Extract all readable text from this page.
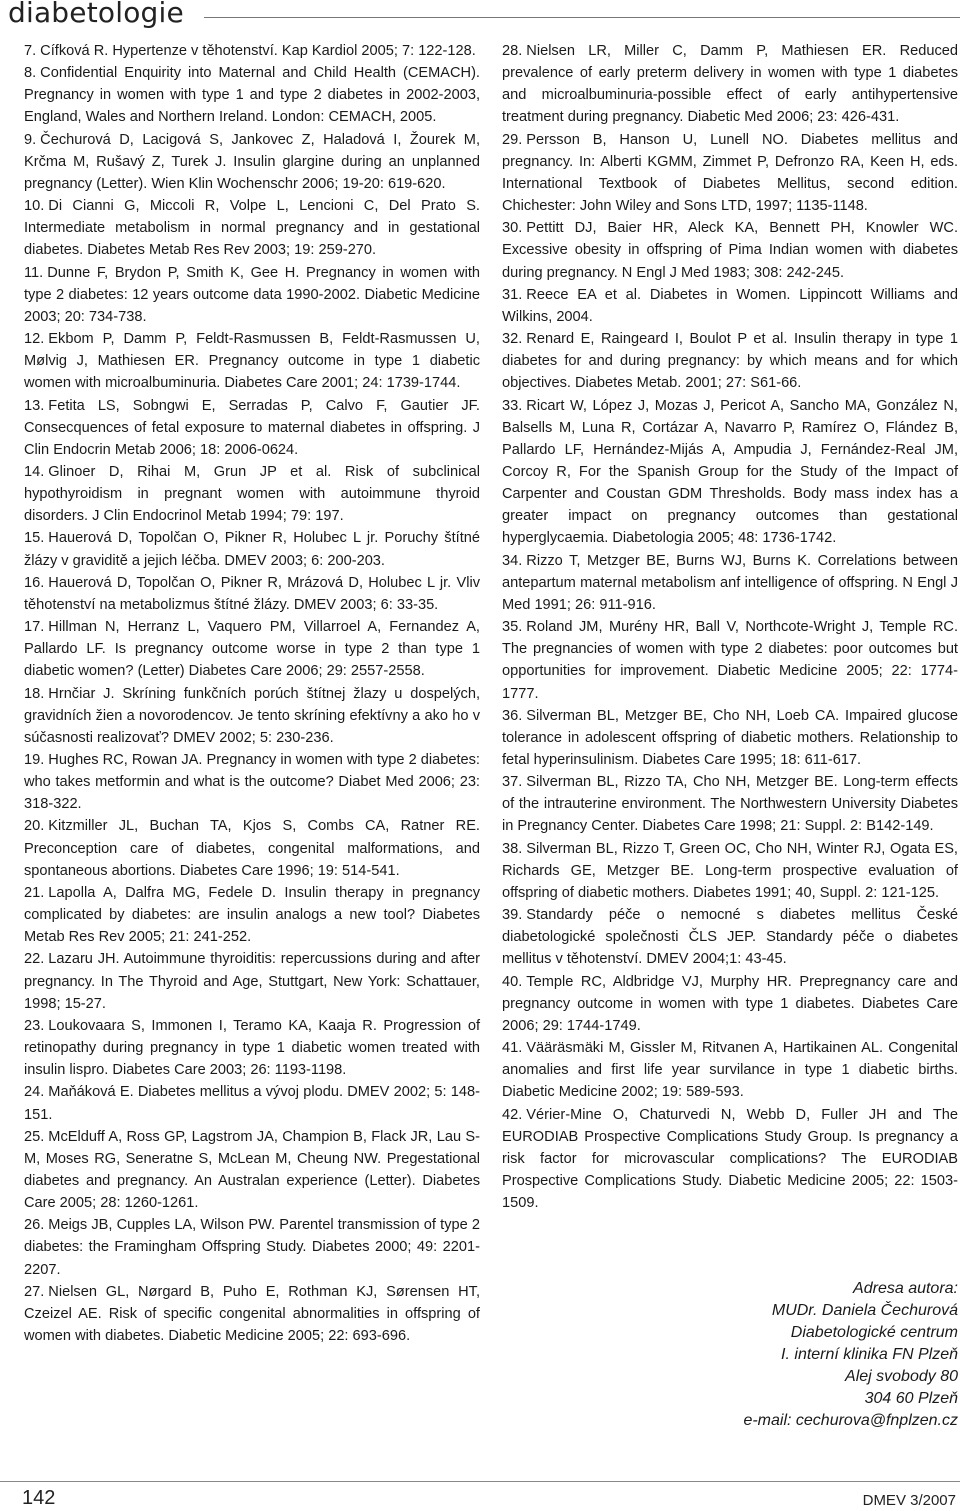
diabetologie

7. Cífková R. Hypertenze v těhotenství. Kap Kardiol 2005; 7: 122-128.

8. Confidential Enquirity into Maternal and Child Health (CEMACH). Pregnancy in women with type 1 and type 2 diabetes in 2002-2003, England, Wales and Northern Ireland. London: CEMACH, 2005.

9. Čechurová D, Lacigová S, Jankovec Z, Haladová I, Žourek M, Krčma M, Rušavý Z, Turek J. Insulin glargine during an unplanned pregnancy (Letter). Wien Klin Wochenschr 2006; 19-20: 619-620.

10. Di Cianni G, Miccoli R, Volpe L, Lencioni C, Del Prato S. Intermediate metabolism in normal pregnancy and in gestational diabetes. Diabetes Metab Res Rev 2003; 19: 259-270.

11. Dunne F, Brydon P, Smith K, Gee H. Pregnancy in women with type 2 diabetes: 12 years outcome data 1990-2002. Diabetic Medicine 2003; 20: 734-738.

12. Ekbom P, Damm P, Feldt-Rasmussen B, Feldt-Rasmussen U, Mølvig J, Mathiesen ER. Pregnancy outcome in type 1 diabetic women with microalbuminuria. Diabetes Care 2001; 24: 1739-1744.

13. Fetita LS, Sobngwi E, Serradas P, Calvo F, Gautier JF. Consecquences of fetal exposure to maternal diabetes in offspring. J Clin Endocrin Metab 2006; 18: 2006-0624.

14. Glinoer D, Rihai M, Grun JP et al. Risk of subclinical hypothyroidism in pregnant women with autoimmune thyroid disorders. J Clin Endocrinol Metab 1994; 79: 197.

15. Hauerová D, Topolčan O, Pikner R, Holubec L jr. Poruchy štítné žlázy v graviditě a jejich léčba. DMEV 2003; 6: 200-203.

16. Hauerová D, Topolčan O, Pikner R, Mrázová D, Holubec L jr. Vliv těhotenství na metabolizmus štítné žlázy. DMEV 2003; 6: 33-35.

17. Hillman N, Herranz L, Vaquero PM, Villarroel A, Fernandez A, Pallardo LF. Is pregnancy outcome worse in type 2 than type 1 diabetic women? (Letter) Diabetes Care 2006; 29: 2557-2558.

18. Hrnčiar J. Skríning funkčních porúch štítnej žlazy u dospelých, gravidních žien a novorodencov. Je tento skríning efektívny a ako ho v súčasnosti realizovať? DMEV 2002; 5: 230-236.

19. Hughes RC, Rowan JA. Pregnancy in women with type 2 diabetes: who takes metformin and what is the outcome? Diabet Med 2006; 23: 318-322.

20. Kitzmiller JL, Buchan TA, Kjos S, Combs CA, Ratner RE. Preconception care of diabetes, congenital malformations, and spontaneous abortions. Diabetes Care 1996; 19: 514-541.

21. Lapolla A, Dalfra MG, Fedele D. Insulin therapy in pregnancy complicated by diabetes: are insulin analogs a new tool? Diabetes Metab Res Rev 2005; 21: 241-252.

22. Lazaru JH. Autoimmune thyroiditis: repercussions during and after pregnancy. In The Thyroid and Age, Stuttgart, New York: Schattauer, 1998; 15-27.

23. Loukovaara S, Immonen I, Teramo KA, Kaaja R. Progression of retinopathy during pregnancy in type 1 diabetic women treated with insulin lispro. Diabetes Care 2003; 26: 1193-1198.

24. Maňáková E. Diabetes mellitus a vývoj plodu. DMEV 2002; 5: 148-151.

25. McElduff A, Ross GP, Lagstrom JA, Champion B, Flack JR, Lau S-M, Moses RG, Seneratne S, McLean M, Cheung NW. Pregestational diabetes and pregnancy. An Australan experience (Letter). Diabetes Care 2005; 28: 1260-1261.

26. Meigs JB, Cupples LA, Wilson PW. Parentel transmission of type 2 diabetes: the Framingham Offspring Study. Diabetes 2000; 49: 2201-2207.

27. Nielsen GL, Nørgard B, Puho E, Rothman KJ, Sørensen HT, Czeizel AE. Risk of specific congenital abnormalities in offspring of women with diabetes. Diabetic Medicine 2005; 22: 693-696.

28. Nielsen LR, Miller C, Damm P, Mathiesen ER. Reduced prevalence of early preterm delivery in women with type 1 diabetes and microalbuminuria-possible effect of early antihypertensive treatment during pregnancy. Diabetic Med 2006; 23: 426-431.

29. Persson B, Hanson U, Lunell NO. Diabetes mellitus and pregnancy. In: Alberti KGMM, Zimmet P, Defronzo RA, Keen H, eds. International Textbook of Diabetes Mellitus, second edition. Chichester: John Wiley and Sons LTD, 1997; 1135-1148.

30. Pettitt DJ, Baier HR, Aleck KA, Bennett PH, Knowler WC. Excessive obesity in offspring of Pima Indian women with diabetes during pregnancy. N Engl J Med 1983; 308: 242-245.

31. Reece EA et al. Diabetes in Women. Lippincott Williams and Wilkins, 2004.

32. Renard E, Raingeard I, Boulot P et al. Insulin therapy in type 1 diabetes for and during pregnancy: by which means and for which objectives. Diabetes Metab. 2001; 27: S61-66.

33. Ricart W, López J, Mozas J, Pericot A, Sancho MA, González N, Balsells M, Luna R, Cortázar A, Navarro P, Ramírez O, Flández B, Pallardo LF, Hernández-Mijás A, Ampudia J, Fernández-Real JM, Corcoy R, For the Spanish Group for the Study of the Impact of Carpenter and Coustan GDM Thresholds. Body mass index has a greater impact on pregnancy outcomes than gestational hyperglycaemia. Diabetologia 2005; 48: 1736-1742.

34. Rizzo T, Metzger BE, Burns WJ, Burns K. Correlations between antepartum maternal metabolism anf intelligence of offspring. N Engl J Med 1991; 26: 911-916.

35. Roland JM, Murény HR, Ball V, Northcote-Wright J, Temple RC. The pregnancies of women with type 2 diabetes: poor outcomes but opportunities for improvement. Diabetic Medicine 2005; 22: 1774-1777.

36. Silverman BL, Metzger BE, Cho NH, Loeb CA. Impaired glucose tolerance in adolescent offspring of diabetic mothers. Relationship to fetal hyperinsulinism. Diabetes Care 1995; 18: 611-617.

37. Silverman BL, Rizzo TA, Cho NH, Metzger BE. Long-term effects of the intrauterine environment. The Northwestern University Diabetes in Pregnancy Center. Diabetes Care 1998; 21: Suppl. 2: B142-149.

38. Silverman BL, Rizzo T, Green OC, Cho NH, Winter RJ, Ogata ES, Richards GE, Metzger BE. Long-term prospective evaluation of offspring of diabetic mothers. Diabetes 1991; 40, Suppl. 2: 121-125.

39. Standardy péče o nemocné s diabetes mellitus České diabetologické společnosti ČLS JEP. Standardy péče o diabetes mellitus v těhotenství. DMEV 2004;1: 43-45.

40. Temple RC, Aldbridge VJ, Murphy HR. Prepregnancy care and pregnancy outcome in women with type 1 diabetes. Diabetes Care 2006; 29: 1744-1749.

41. Vääräsmäki M, Gissler M, Ritvanen A, Hartikainen AL. Congenital anomalies and first life year survilance in type 1 diabetic births. Diabetic Medicine 2002; 19: 589-593.

42. Vérier-Mine O, Chaturvedi N, Webb D, Fuller JH and The EURODIAB Prospective Complications Study Group. Is pregnancy a risk factor for microvascular complications? The EURODIAB Prospective Complications Study. Diabetic Medicine 2005; 22: 1503-1509.

Adresa autora:
MUDr. Daniela Čechurová
Diabetologické centrum
I. interní klinika FN Plzeň
Alej svobody 80
304 60 Plzeň
e-mail: cechurova@fnplzen.cz
142	DMEV 3/2007
